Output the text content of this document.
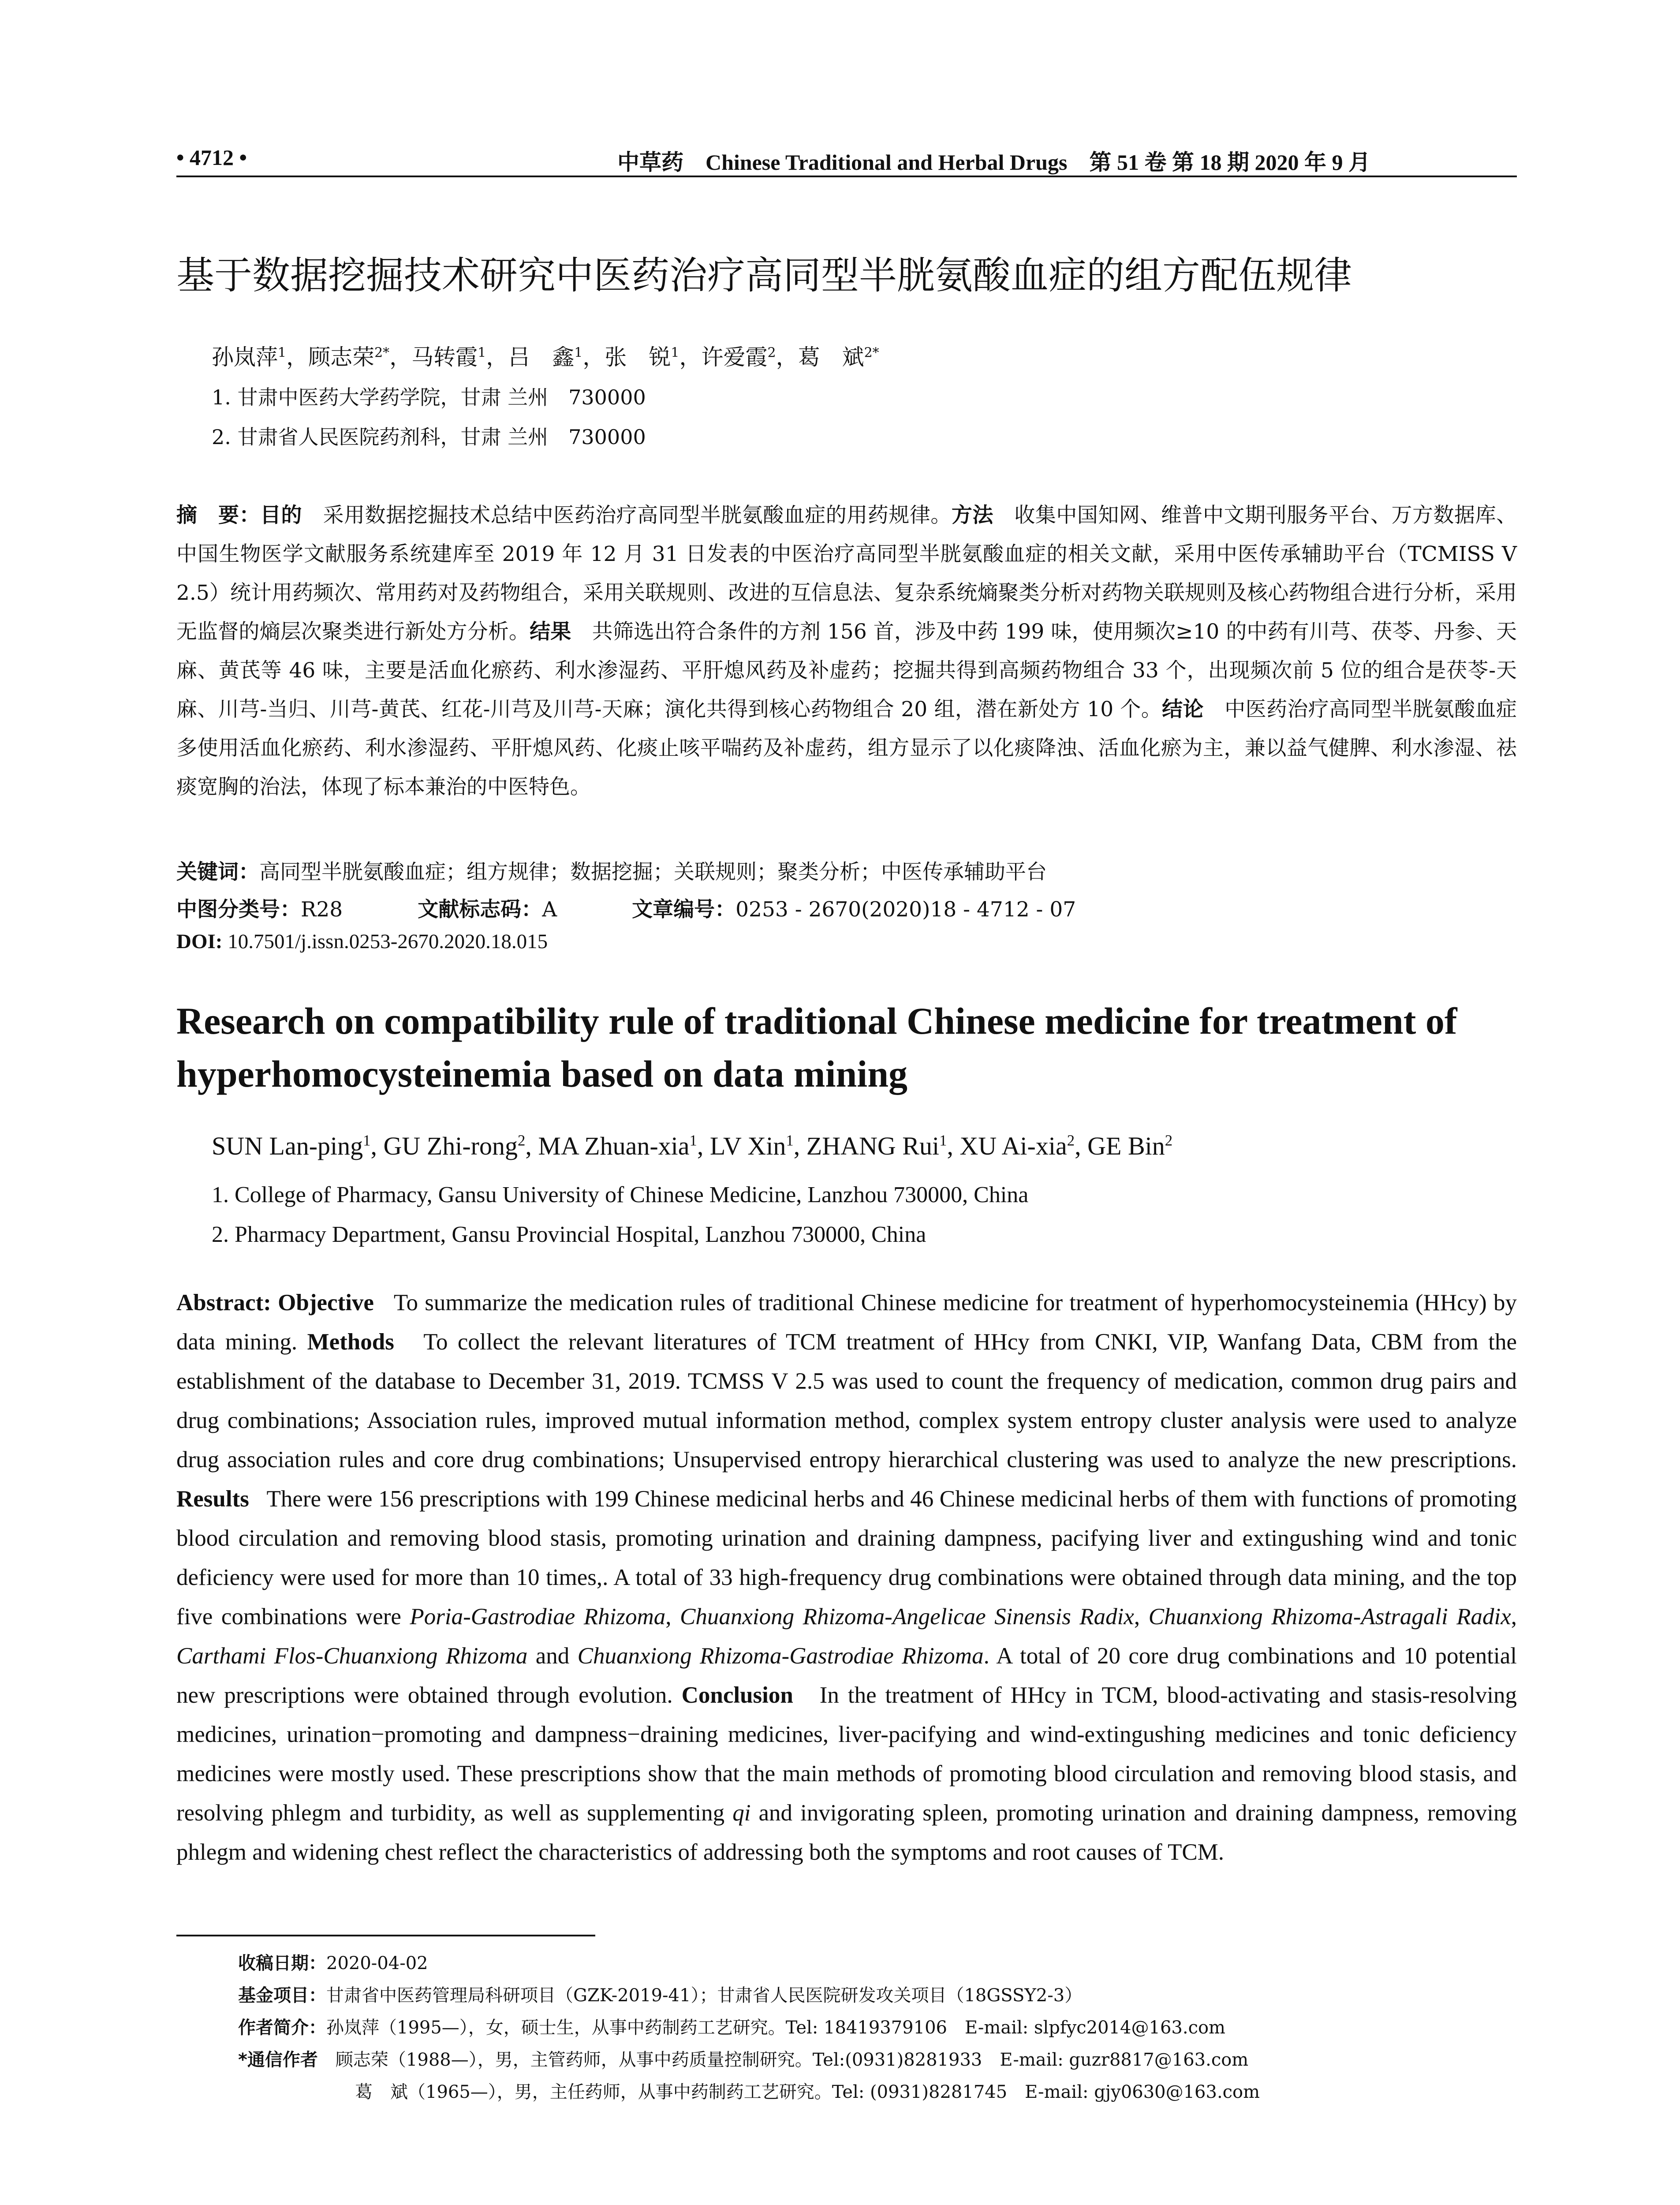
• 4712 •	中草药　Chinese Traditional and Herbal Drugs　第 51 卷 第 18 期 2020 年 9 月
基于数据挖掘技术研究中医药治疗高同型半胱氨酸血症的组方配伍规律
孙岚萍$^1$，顾志荣$^{2*}$，马转霞$^1$，吕　鑫$^1$，张　锐$^1$，许爱霞$^2$，葛　斌$^{2*}$
1. 甘肃中医药大学药学院，甘肃 兰州　730000
2. 甘肃省人民医院药剂科，甘肃 兰州　730000
摘　要：目的　 采用数据挖掘技术总结中医药治疗高同型半胱氨酸血症的用药规律。方法　 收集中国知网、维普中文期刊服务平台、万方数据库、中国生物医学文献服务系统建库至 2019 年 12 月 31 日发表的中医治疗高同型半胱氨酸血症的相关文献，采用中医传承辅助平台（TCMISS V 2.5）统计用药频次、常用药对及药物组合，采用关联规则、改进的互信息法、复杂系统熵聚类分析对药物关联规则及核心药物组合进行分析，采用无监督的熵层次聚类进行新处方分析。结果　 共筛选出符合条件的方剂 156 首，涉及中药 199 味，使用频次≥10 的中药有川芎、茯苓、丹参、天麻、黄芪等 46 味，主要是活血化瘀药、利水渗湿药、平肝熄风药及补虚药；挖掘共得到高频药物组合 33 个，出现频次前 5 位的组合是茯苓-天麻、川芎-当归、川芎-黄芪、红花-川芎及川芎-天麻；演化共得到核心药物组合 20 组，潜在新处方 10 个。结论　 中医药治疗高同型半胱氨酸血症多使用活血化瘀药、利水渗湿药、平肝熄风药、化痰止咳平喘药及补虚药，组方显示了以化痰降浊、活血化瘀为主，兼以益气健脾、利水渗湿、祛痰宽胸的治法，体现了标本兼治的中医特色。
关键词：高同型半胱氨酸血症；组方规律；数据挖掘；关联规则；聚类分析；中医传承辅助平台
中图分类号：R28	文献标志码：A	文章编号：0253 - 2670(2020)18 - 4712 - 07
DOI: 10.7501/j.issn.0253-2670.2020.18.015
Research on compatibility rule of traditional Chinese medicine for treatment of hyperhomocysteinemia based on data mining
SUN Lan-ping$^1$, GU Zhi-rong$^2$, MA Zhuan-xia$^1$, LV Xin$^1$, ZHANG Rui$^1$, XU Ai-xia$^2$, GE Bin$^2$
1. College of Pharmacy, Gansu University of Chinese Medicine, Lanzhou 730000, China
2. Pharmacy Department, Gansu Provincial Hospital, Lanzhou 730000, China
Abstract: Objective To summarize the medication rules of traditional Chinese medicine for treatment of hyperhomocysteinemia (HHcy) by data mining. Methods To collect the relevant literatures of TCM treatment of HHcy from CNKI, VIP, Wanfang Data, CBM from the establishment of the database to December 31, 2019. TCMSS V 2.5 was used to count the frequency of medication, common drug pairs and drug combinations; Association rules, improved mutual information method, complex system entropy cluster analysis were used to analyze drug association rules and core drug combinations; Unsupervised entropy hierarchical clustering was used to analyze the new prescriptions. Results There were 156 prescriptions with 199 Chinese medicinal herbs and 46 Chinese medicinal herbs of them with functions of promoting blood circulation and removing blood stasis, promoting urination and draining dampness, pacifying liver and extingushing wind and tonic deficiency were used for more than 10 times,. A total of 33 high-frequency drug combinations were obtained through data mining, and the top five combinations were Poria-Gastrodiae Rhizoma, Chuanxiong Rhizoma-Angelicae Sinensis Radix, Chuanxiong Rhizoma-Astragali Radix, Carthami Flos-Chuanxiong Rhizoma and Chuanxiong Rhizoma-Gastrodiae Rhizoma. A total of 20 core drug combinations and 10 potential new prescriptions were obtained through evolution. Conclusion In the treatment of HHcy in TCM, blood-activating and stasis-resolving medicines, urination−promoting and dampness−draining medicines, liver-pacifying and wind-extingushing medicines and tonic deficiency medicines were mostly used. These prescriptions show that the main methods of promoting blood circulation and removing blood stasis, and resolving phlegm and turbidity, as well as supplementing qi and invigorating spleen, promoting urination and draining dampness, removing phlegm and widening chest reflect the characteristics of addressing both the symptoms and root causes of TCM.
收稿日期：2020-04-02
基金项目：甘肃省中医药管理局科研项目（GZK-2019-41）；甘肃省人民医院研发攻关项目（18GSSY2-3）
作者简介：孙岚萍（1995—），女，硕士生，从事中药制药工艺研究。Tel: 18419379106　E-mail: slpfyc2014@163.com
*通信作者　 顾志荣（1988—），男，主管药师，从事中药质量控制研究。Tel:(0931)8281933　E-mail: guzr8817@163.com
葛　斌（1965—），男，主任药师，从事中药制药工艺研究。Tel: (0931)8281745　E-mail: gjy0630@163.com
